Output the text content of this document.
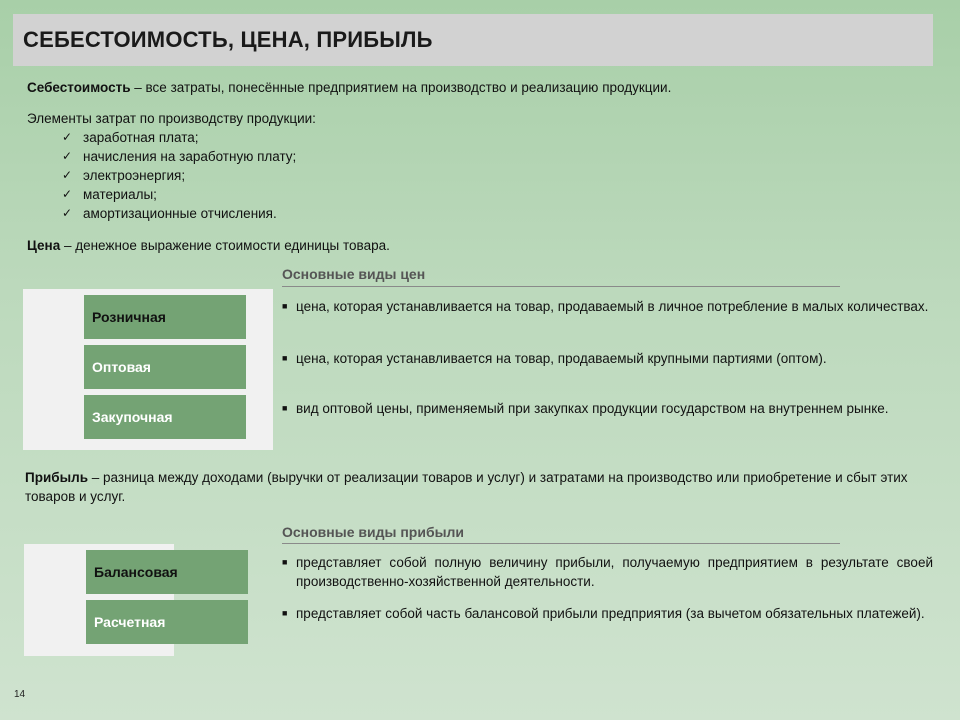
СЕБЕСТОИМОСТЬ, ЦЕНА, ПРИБЫЛЬ
Себестоимость – все затраты, понесённые предприятием на производство и реализацию продукции.
Элементы затрат по производству продукции:
✓ заработная плата;
✓ начисления на заработную плату;
✓ электроэнергия;
✓ материалы;
✓ амортизационные отчисления.
Цена – денежное выражение стоимости единицы товара.
Основные виды цен
Розничная
Оптовая
Закупочная
■ цена, которая устанавливается на товар, продаваемый в личное потребление в малых количествах.
■ цена, которая устанавливается на товар, продаваемый крупными партиями (оптом).
■ вид оптовой цены, применяемый при закупках продукции государством на внутреннем рынке.
Прибыль – разница между доходами (выручки от реализации товаров и услуг) и затратами на производство или приобретение и сбыт этих товаров и услуг.
Основные виды прибыли
Балансовая
Расчетная
■ представляет собой полную величину прибыли, получаемую предприятием в результате своей производственно-хозяйственной деятельности.
■ представляет собой часть балансовой прибыли предприятия (за вычетом обязательных платежей).
14
